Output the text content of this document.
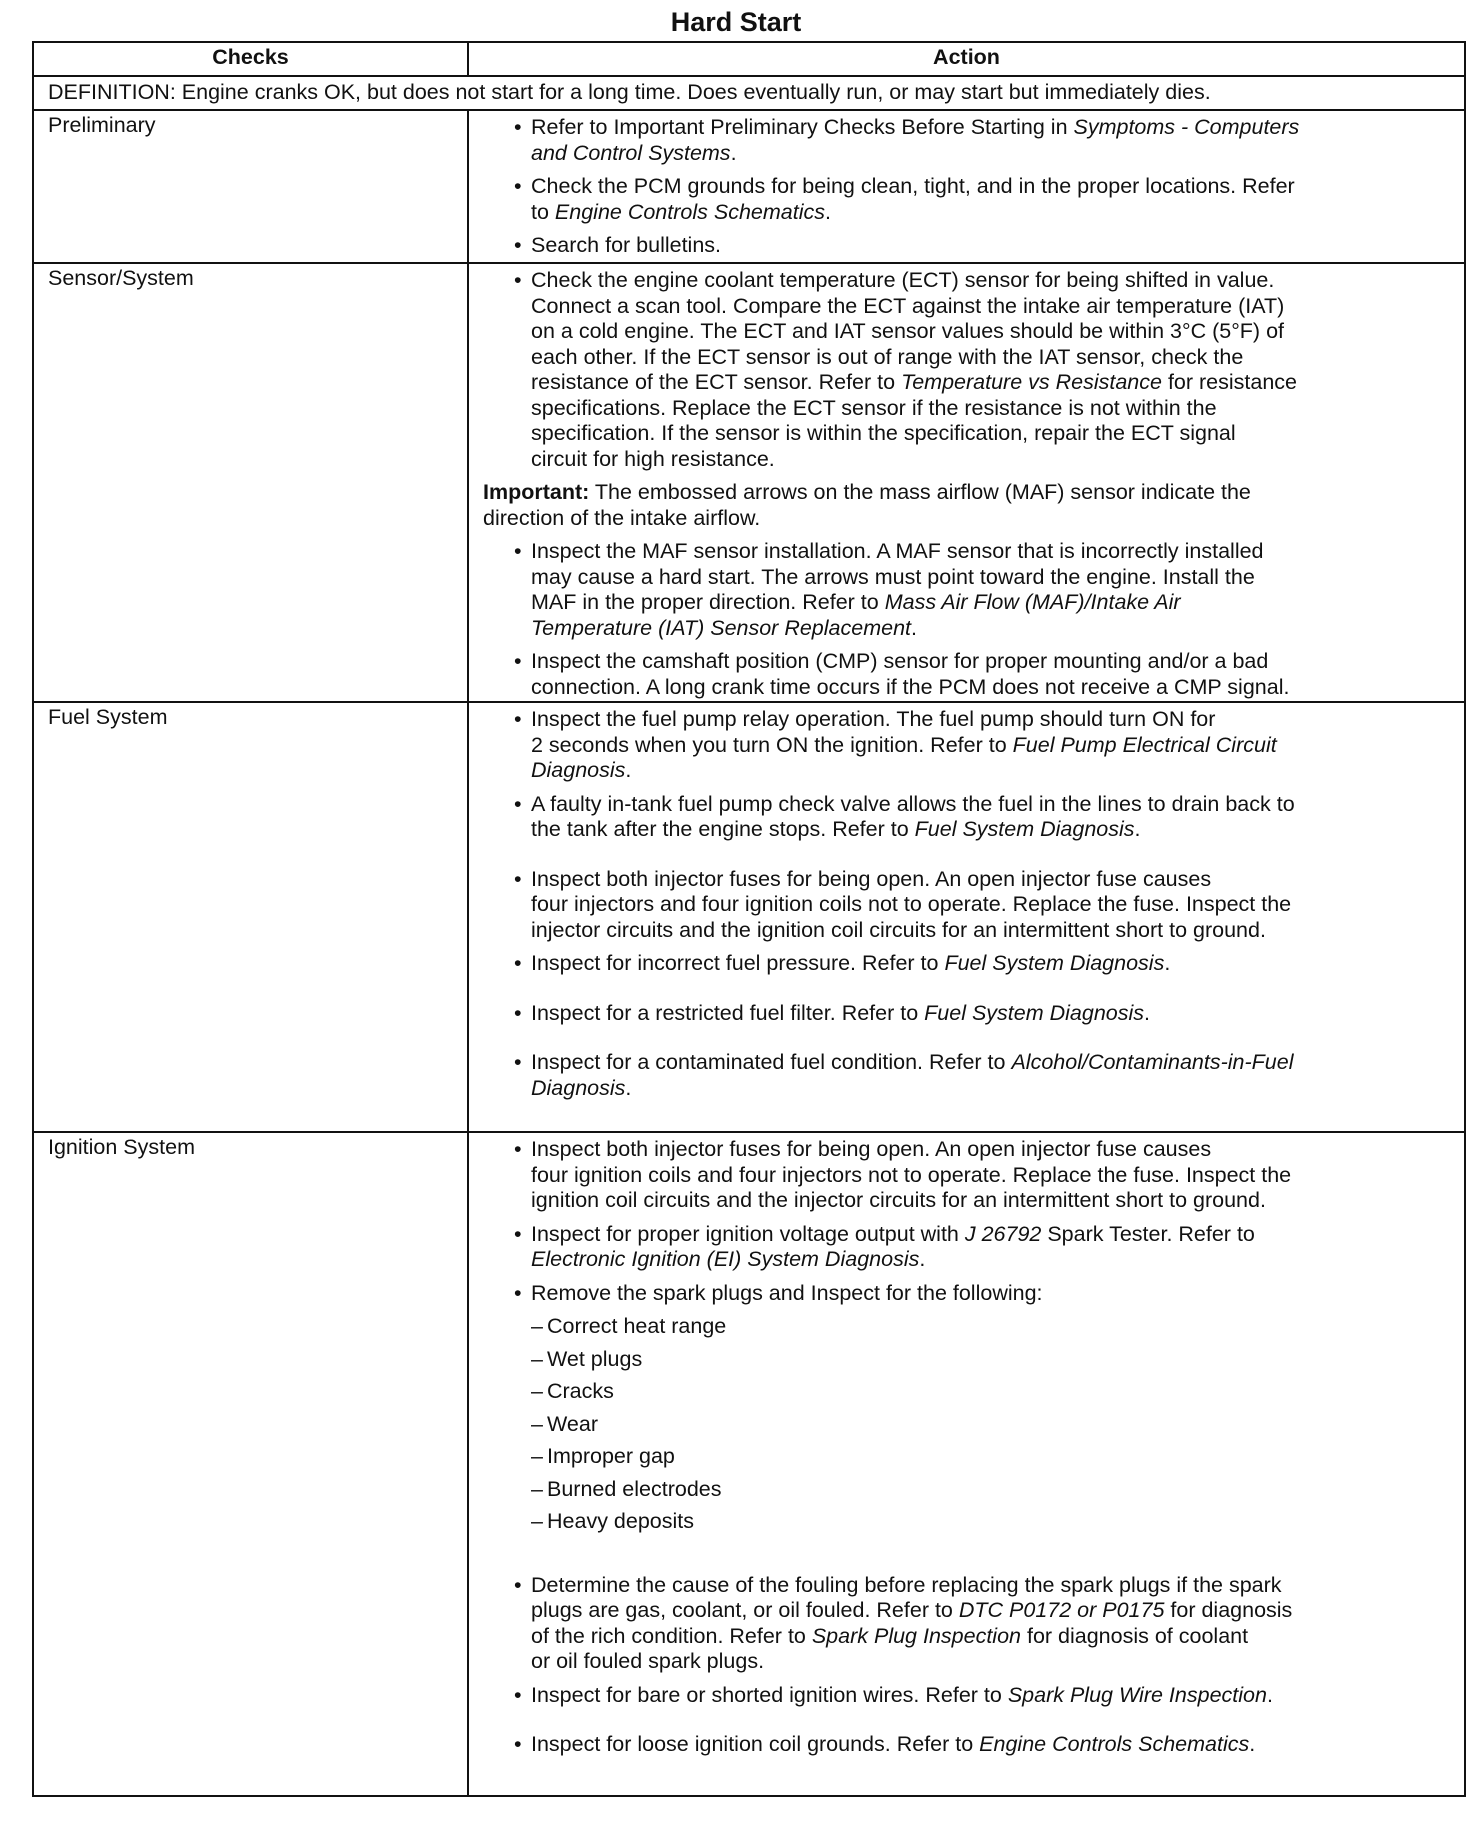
Hard Start
Checks	Action
DEFINITION: Engine cranks OK, but does not start for a long time. Does eventually run, or may start but immediately dies.
Preliminary	• Refer to Important Preliminary Checks Before Starting in Symptoms - Computers
and Control Systems.
• Check the PCM grounds for being clean, tight, and in the proper locations. Refer
to Engine Controls Schematics.
• Search for bulletins.
Sensor/System	• Check the engine coolant temperature (ECT) sensor for being shifted in value.
Connect a scan tool. Compare the ECT against the intake air temperature (IAT)
on a cold engine. The ECT and IAT sensor values should be within 3°C (5°F) of
each other. If the ECT sensor is out of range with the IAT sensor, check the
resistance of the ECT sensor. Refer to Temperature vs Resistance for resistance
specifications. Replace the ECT sensor if the resistance is not within the
specification. If the sensor is within the specification, repair the ECT signal
circuit for high resistance.
Important: The embossed arrows on the mass airflow (MAF) sensor indicate the
direction of the intake airflow.
• Inspect the MAF sensor installation. A MAF sensor that is incorrectly installed
may cause a hard start. The arrows must point toward the engine. Install the
MAF in the proper direction. Refer to Mass Air Flow (MAF)/Intake Air
Temperature (IAT) Sensor Replacement.
• Inspect the camshaft position (CMP) sensor for proper mounting and/or a bad
connection. A long crank time occurs if the PCM does not receive a CMP signal.
Fuel System	• Inspect the fuel pump relay operation. The fuel pump should turn ON for
2 seconds when you turn ON the ignition. Refer to Fuel Pump Electrical Circuit
Diagnosis.
• A faulty in-tank fuel pump check valve allows the fuel in the lines to drain back to
the tank after the engine stops. Refer to Fuel System Diagnosis.
• Inspect both injector fuses for being open. An open injector fuse causes
four injectors and four ignition coils not to operate. Replace the fuse. Inspect the
injector circuits and the ignition coil circuits for an intermittent short to ground.
• Inspect for incorrect fuel pressure. Refer to Fuel System Diagnosis.
• Inspect for a restricted fuel filter. Refer to Fuel System Diagnosis.
• Inspect for a contaminated fuel condition. Refer to Alcohol/Contaminants-in-Fuel
Diagnosis.
Ignition System	• Inspect both injector fuses for being open. An open injector fuse causes
four ignition coils and four injectors not to operate. Replace the fuse. Inspect the
ignition coil circuits and the injector circuits for an intermittent short to ground.
• Inspect for proper ignition voltage output with J 26792 Spark Tester. Refer to
Electronic Ignition (EI) System Diagnosis.
• Remove the spark plugs and Inspect for the following:
– Correct heat range
– Wet plugs
– Cracks
– Wear
– Improper gap
– Burned electrodes
– Heavy deposits
• Determine the cause of the fouling before replacing the spark plugs if the spark
plugs are gas, coolant, or oil fouled. Refer to DTC P0172 or P0175 for diagnosis
of the rich condition. Refer to Spark Plug Inspection for diagnosis of coolant
or oil fouled spark plugs.
• Inspect for bare or shorted ignition wires. Refer to Spark Plug Wire Inspection.
• Inspect for loose ignition coil grounds. Refer to Engine Controls Schematics.
